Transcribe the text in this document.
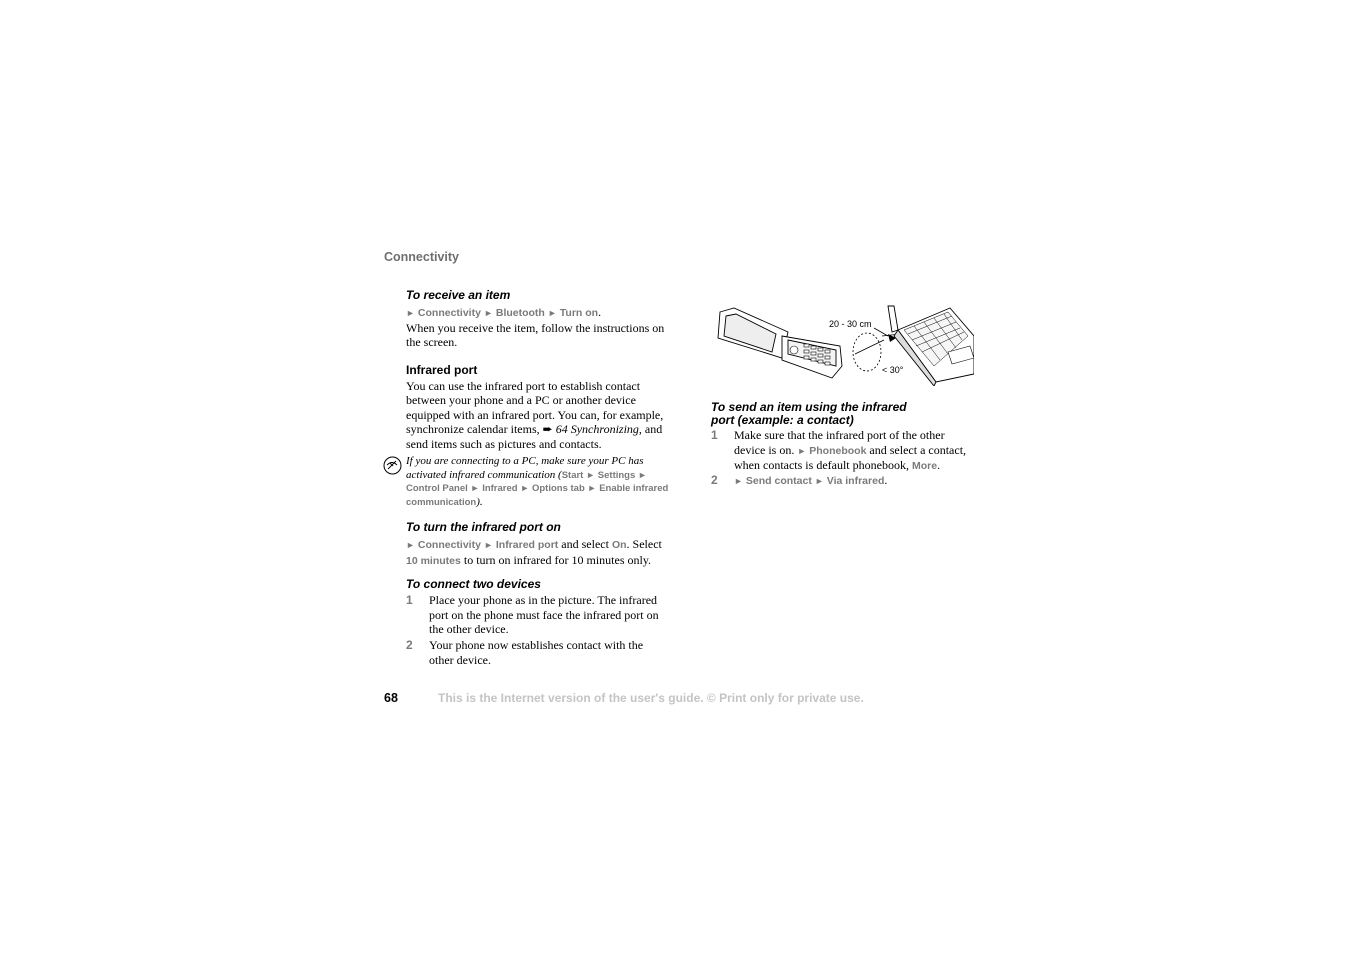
Connectivity
To receive an item
► Connectivity ► Bluetooth ► Turn on.
When you receive the item, follow the instructions on the screen.
Infrared port
You can use the infrared port to establish contact between your phone and a PC or another device equipped with an infrared port. You can, for example, synchronize calendar items, ➨ 64 Synchronizing, and send items such as pictures and contacts.
If you are connecting to a PC, make sure your PC has activated infrared communication (Start ► Settings ► Control Panel ► Infrared ► Options tab ► Enable infrared communication).
To turn the infrared port on
► Connectivity ► Infrared port and select On. Select
10 minutes to turn on infrared for 10 minutes only.
To connect two devices
1 Place your phone as in the picture. The infrared port on the phone must face the infrared port on the other device.
2 Your phone now establishes contact with the other device.
20 - 30 cm
< 30°
To send an item using the infrared
port (example: a contact)
1 Make sure that the infrared port of the other device is on. ► Phonebook and select a contact, when contacts is default phonebook, More.
2 ► Send contact ► Via infrared.
68	This is the Internet version of the user's guide. © Print only for private use.
